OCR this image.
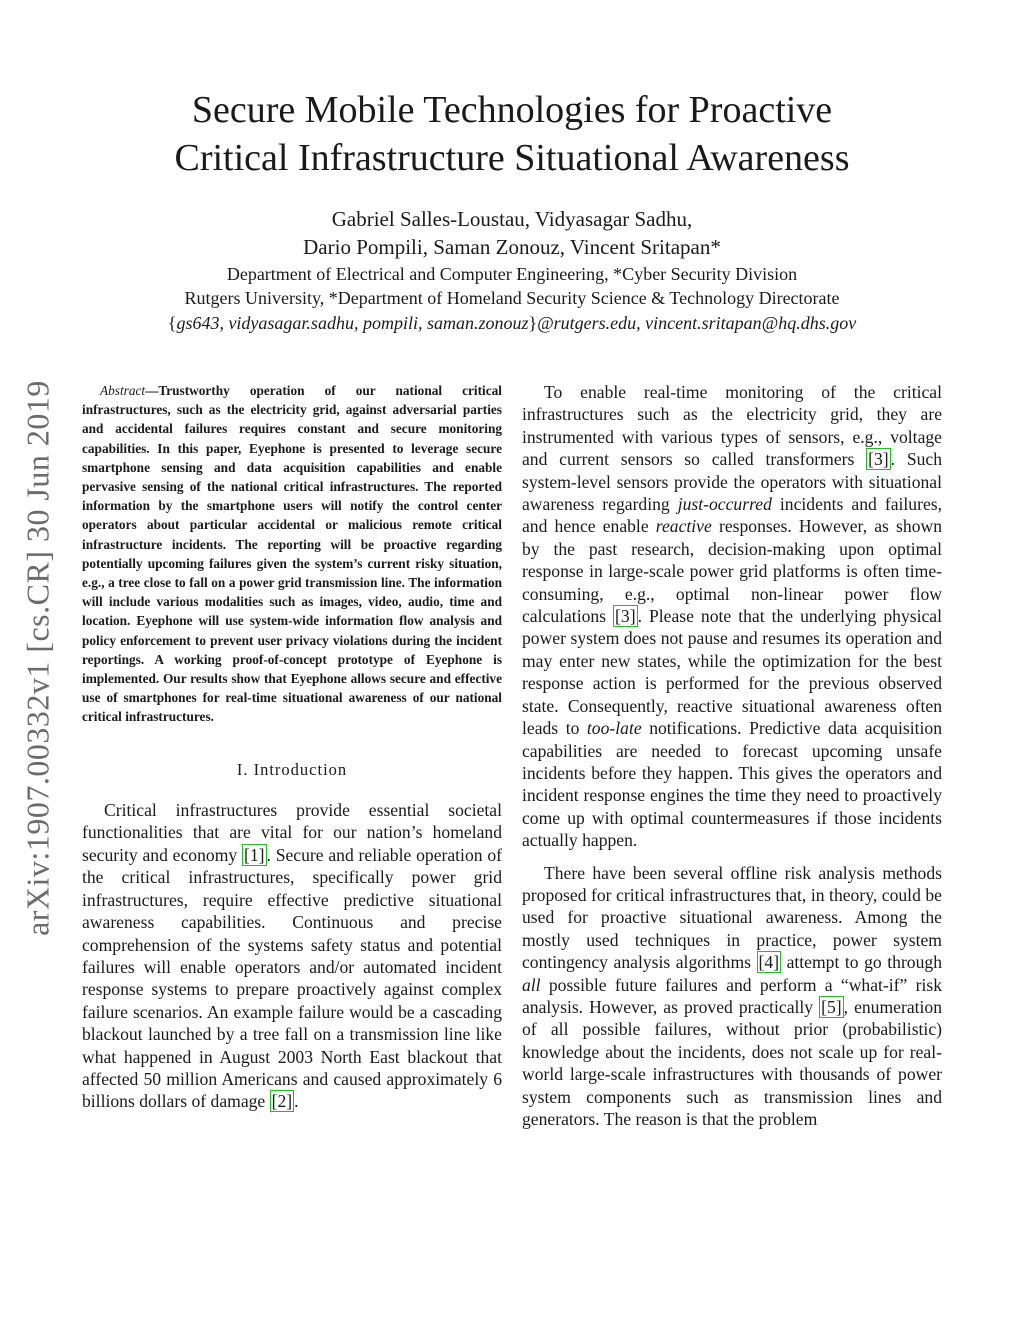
Secure Mobile Technologies for Proactive
Critical Infrastructure Situational Awareness
Gabriel Salles-Loustau, Vidyasagar Sadhu,
Dario Pompili, Saman Zonouz, Vincent Sritapan*
Department of Electrical and Computer Engineering, *Cyber Security Division
Rutgers University, *Department of Homeland Security Science & Technology Directorate
{gs643, vidyasagar.sadhu, pompili, saman.zonouz}@rutgers.edu, vincent.sritapan@hq.dhs.gov
arXiv:1907.00332v1 [cs.CR] 30 Jun 2019	Abstract—Trustworthy operation of our national critical infrastructures, such as the electricity grid, against adversarial parties and accidental failures requires constant and secure monitoring capabilities. In this paper, Eyephone is presented to leverage secure smartphone sensing and data acquisition capabilities and enable pervasive sensing of the national critical infrastructures. The reported information by the smartphone users will notify the control center operators about particular accidental or malicious remote critical infrastructure incidents. The reporting will be proactive regarding potentially upcoming failures given the system’s current risky situation, e.g., a tree close to fall on a power grid transmission line. The information will include various modalities such as images, video, audio, time and location. Eyephone will use system-wide information flow analysis and policy enforcement to prevent user privacy violations during the incident reportings. A working proof-of-concept prototype of Eyephone is implemented. Our results show that Eyephone allows secure and effective use of smartphones for real-time situational awareness of our national critical infrastructures.

I. Introduction

Critical infrastructures provide essential societal functionalities that are vital for our nation’s homeland security and economy [1] . Secure and reliable operation of the critical infrastructures, specifically power grid infrastructures, require effective predictive situational awareness capabilities. Continuous and precise comprehension of the systems safety status and potential failures will enable operators and/or automated incident response systems to prepare proactively against complex failure scenarios. An example failure would be a cascading blackout launched by a tree fall on a transmission line like what happened in August 2003 North East blackout that affected 50 million Americans and caused approximately 6 billions dollars of damage [2] .

To enable real-time monitoring of the critical infrastructures such as the electricity grid, they are instrumented with various types of sensors, e.g., voltage and current sensors so called transformers [3] . Such system-level sensors provide the operators with situational awareness regarding just-occurred incidents and failures, and hence enable reactive responses. However, as shown by the past research, decision-making upon optimal response in large-scale power grid platforms is often time-consuming, e.g., optimal non-linear power flow calculations [3] . Please note that the underlying physical power system does not pause and resumes its operation and may enter new states, while the optimization for the best response action is performed for the previous observed state. Consequently, reactive situational awareness often leads to too-late notifications. Predictive data acquisition capabilities are needed to forecast upcoming unsafe incidents before they happen. This gives the operators and incident response engines the time they need to proactively come up with optimal countermeasures if those incidents actually happen.

There have been several offline risk analysis methods proposed for critical infrastructures that, in theory, could be used for proactive situational awareness. Among the mostly used techniques in practice, power system contingency analysis algorithms [4] attempt to go through all possible future failures and perform a “what-if” risk analysis. However, as proved practically [5] , enumeration of all possible failures, without prior (probabilistic) knowledge about the incidents, does not scale up for real-world large-scale infrastructures with thousands of power system components such as transmission lines and generators. The reason is that the problem
